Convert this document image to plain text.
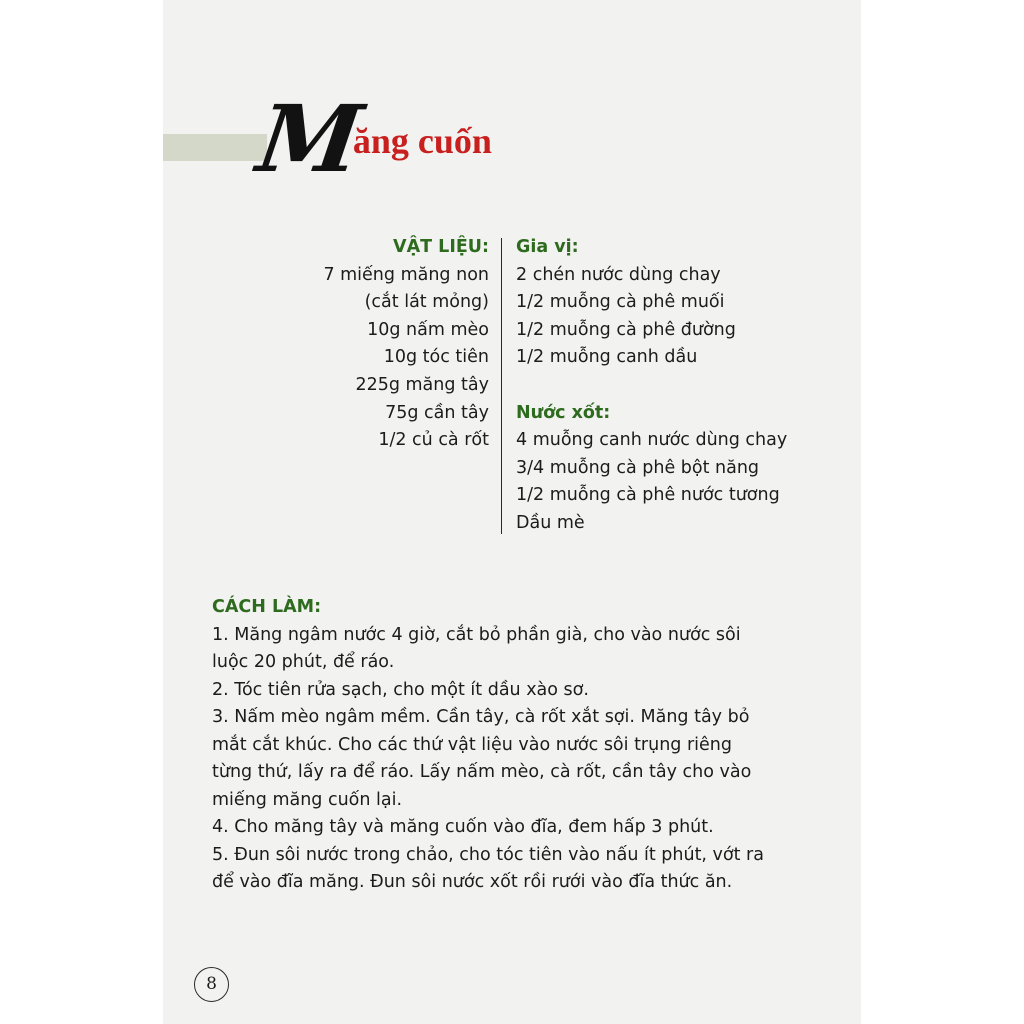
Măng cuốn
VẬT LIỆU:
7 miếng măng non
(cắt lát mỏng)
10g nấm mèo
10g tóc tiên
225g măng tây
75g cần tây
1/2 củ cà rốt
Gia vị:
2 chén nước dùng chay
1/2 muỗng cà phê muối
1/2 muỗng cà phê đường
1/2 muỗng canh dầu
Nước xốt:
4 muỗng canh nước dùng chay
3/4 muỗng cà phê bột năng
1/2 muỗng cà phê nước tương
Dầu mè
CÁCH LÀM:
1. Măng ngâm nước 4 giờ, cắt bỏ phần già, cho vào nước sôi
luộc 20 phút, để ráo.
2. Tóc tiên rửa sạch, cho một ít dầu xào sơ.
3. Nấm mèo ngâm mềm. Cần tây, cà rốt xắt sợi. Măng tây bỏ
mắt cắt khúc. Cho các thứ vật liệu vào nước sôi trụng riêng
từng thứ, lấy ra để ráo. Lấy nấm mèo, cà rốt, cần tây cho vào
miếng măng cuốn lại.
4. Cho măng tây và măng cuốn vào đĩa, đem hấp 3 phút.
5. Đun sôi nước trong chảo, cho tóc tiên vào nấu ít phút, vớt ra
để vào đĩa măng. Đun sôi nước xốt rồi rưới vào đĩa thức ăn.
8
